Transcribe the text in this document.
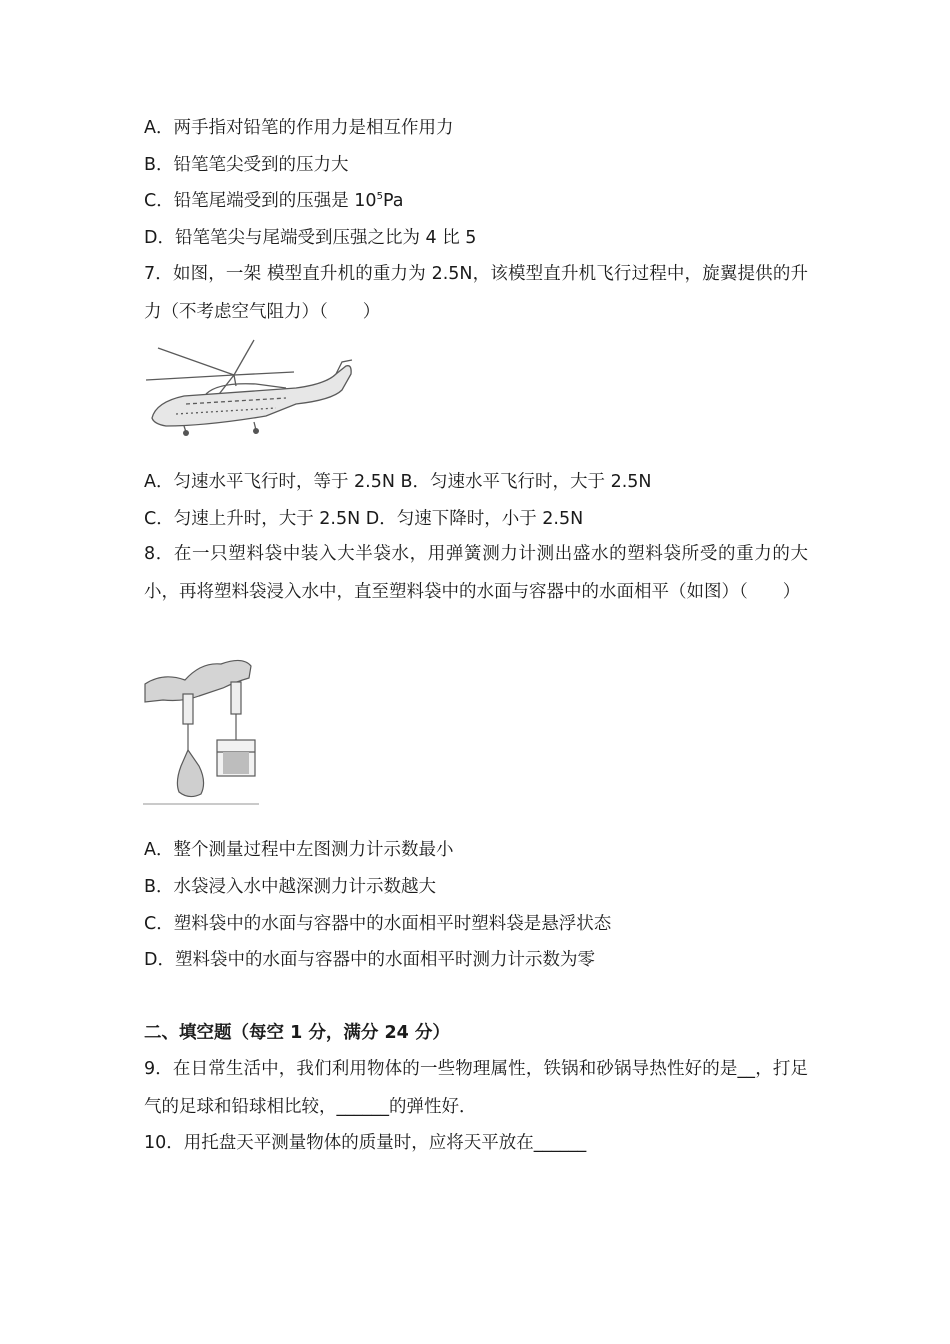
A．两手指对铅笔的作用力是相互作用力
B．铅笔笔尖受到的压力大
C．铅笔尾端受到的压强是 $10^5Pa$
D．铅笔笔尖与尾端受到压强之比为 4 比 5
7．如图，一架 模型直升机的重力为 2.5N，该模型直升机飞行过程中，旋翼提供的升力（不考虑空气阻力）（　　）
A．匀速水平飞行时，等于 2.5N B．匀速水平飞行时，大于 2.5N
C．匀速上升时，大于 2.5N D．匀速下降时，小于 2.5N
8．在一只塑料袋中装入大半袋水，用弹簧测力计测出盛水的塑料袋所受的重力的大小，再将塑料袋浸入水中，直至塑料袋中的水面与容器中的水面相平（如图）（　　）
A．整个测量过程中左图测力计示数最小
B．水袋浸入水中越深测力计示数越大
C．塑料袋中的水面与容器中的水面相平时塑料袋是悬浮状态
D．塑料袋中的水面与容器中的水面相平时测力计示数为零
二、填空题（每空 1 分，满分 24 分）
9．在日常生活中，我们利用物体的一些物理属性，铁锅和砂锅导热性好的是__，打足气的足球和铅球相比较，______的弹性好．
10．用托盘天平测量物体的质量时，应将天平放在______
